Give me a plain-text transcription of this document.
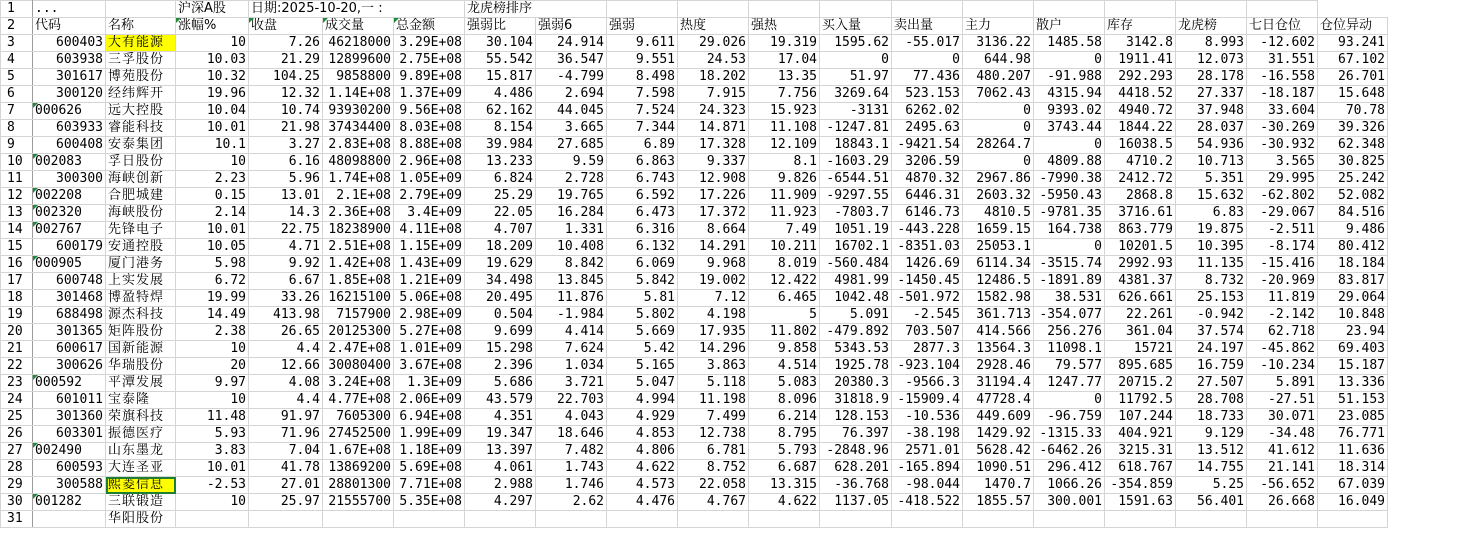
1	...		沪深A股	日期:2025-10-20,一 :			龙虎榜排序												
2	代码	名称	涨幅%	收盘	成交量	总金额	强弱比	强弱6	强弱	热度	强热	买入量	卖出量	主力	散户	库存	龙虎榜	七日仓位	仓位异动
3	600403	大有能源	10	7.26	46218000	3.29E+08	30.104	24.914	9.611	29.026	19.319	1595.62	-55.017	3136.22	1485.58	3142.8	8.993	-12.602	93.241
4	603938	三孚股份	10.03	21.29	12899600	2.75E+08	55.542	36.547	9.551	24.53	17.04	0	0	644.98	0	1911.41	12.073	31.551	67.102
5	301617	博苑股份	10.32	104.25	9858800	9.89E+08	15.817	-4.799	8.498	18.202	13.35	51.97	77.436	480.207	-91.988	292.293	28.178	-16.558	26.701
6	300120	经纬辉开	19.96	12.32	1.14E+08	1.37E+09	4.486	2.694	7.598	7.915	7.756	3269.64	523.153	7062.43	4315.94	4418.52	27.337	-18.187	15.648
7	000626	远大控股	10.04	10.74	93930200	9.56E+08	62.162	44.045	7.524	24.323	15.923	-3131	6262.02	0	9393.02	4940.72	37.948	33.604	70.78
8	603933	睿能科技	10.01	21.98	37434400	8.03E+08	8.154	3.665	7.344	14.871	11.108	-1247.81	2495.63	0	3743.44	1844.22	28.037	-30.269	39.326
9	600408	安泰集团	10.1	3.27	2.83E+08	8.88E+08	39.984	27.685	6.89	17.328	12.109	18843.1	-9421.54	28264.7	0	16038.5	54.936	-30.932	62.348
10	002083	孚日股份	10	6.16	48098800	2.96E+08	13.233	9.59	6.863	9.337	8.1	-1603.29	3206.59	0	4809.88	4710.2	10.713	3.565	30.825
11	300300	海峡创新	2.23	5.96	1.74E+08	1.05E+09	6.824	2.728	6.743	12.908	9.826	-6544.51	4870.32	2967.86	-7990.38	2412.72	5.351	29.995	25.242
12	002208	合肥城建	0.15	13.01	2.1E+08	2.79E+09	25.29	19.765	6.592	17.226	11.909	-9297.55	6446.31	2603.32	-5950.43	2868.8	15.632	-62.802	52.082
13	002320	海峡股份	2.14	14.3	2.36E+08	3.4E+09	22.05	16.284	6.473	17.372	11.923	-7803.7	6146.73	4810.5	-9781.35	3716.61	6.83	-29.067	84.516
14	002767	先锋电子	10.01	22.75	18238900	4.11E+08	4.707	1.331	6.316	8.664	7.49	1051.19	-443.228	1659.15	164.738	863.779	19.875	-2.511	9.486
15	600179	安通控股	10.05	4.71	2.51E+08	1.15E+09	18.209	10.408	6.132	14.291	10.211	16702.1	-8351.03	25053.1	0	10201.5	10.395	-8.174	80.412
16	000905	厦门港务	5.98	9.92	1.42E+08	1.43E+09	19.629	8.842	6.069	9.968	8.019	-560.484	1426.69	6114.34	-3515.74	2992.93	11.135	-15.416	18.184
17	600748	上实发展	6.72	6.67	1.85E+08	1.21E+09	34.498	13.845	5.842	19.002	12.422	4981.99	-1450.45	12486.5	-1891.89	4381.37	8.732	-20.969	83.817
18	301468	博盈特焊	19.99	33.26	16215100	5.06E+08	20.495	11.876	5.81	7.12	6.465	1042.48	-501.972	1582.98	38.531	626.661	25.153	11.819	29.064
19	688498	源杰科技	14.49	413.98	7157900	2.98E+09	0.504	-1.984	5.802	4.198	5	5.091	-2.545	361.713	-354.077	22.261	-0.942	-2.142	10.848
20	301365	矩阵股份	2.38	26.65	20125300	5.27E+08	9.699	4.414	5.669	17.935	11.802	-479.892	703.507	414.566	256.276	361.04	37.574	62.718	23.94
21	600617	国新能源	10	4.4	2.47E+08	1.01E+09	15.298	7.624	5.42	14.296	9.858	5343.53	2877.3	13564.3	11098.1	15721	24.197	-45.862	69.403
22	300626	华瑞股份	20	12.66	30080400	3.67E+08	2.396	1.034	5.165	3.863	4.514	1925.78	-923.104	2928.46	79.577	895.685	16.759	-10.234	15.187
23	000592	平潭发展	9.97	4.08	3.24E+08	1.3E+09	5.686	3.721	5.047	5.118	5.083	20380.3	-9566.3	31194.4	1247.77	20715.2	27.507	5.891	13.336
24	601011	宝泰隆	10	4.4	4.77E+08	2.06E+09	43.579	22.703	4.994	11.198	8.096	31818.9	-15909.4	47728.4	0	11792.5	28.708	-27.51	51.153
25	301360	荣旗科技	11.48	91.97	7605300	6.94E+08	4.351	4.043	4.929	7.499	6.214	128.153	-10.536	449.609	-96.759	107.244	18.733	30.071	23.085
26	603301	振德医疗	5.93	71.96	27452500	1.99E+09	19.347	18.646	4.853	12.738	8.795	76.397	-38.198	1429.92	-1315.33	404.921	9.129	-34.48	76.771
27	002490	山东墨龙	3.83	7.04	1.67E+08	1.18E+09	13.397	7.482	4.806	6.781	5.793	-2848.96	2571.01	5628.42	-6462.26	3215.31	13.512	41.612	11.636
28	600593	大连圣亚	10.01	41.78	13869200	5.69E+08	4.061	1.743	4.622	8.752	6.687	628.201	-165.894	1090.51	296.412	618.767	14.755	21.141	18.314
29	300588	熙菱信息	-2.53	27.01	28801300	7.71E+08	2.988	1.746	4.573	22.058	13.315	-36.768	-98.044	1470.7	1066.26	-354.859	5.25	-56.652	67.039
30	001282	三联锻造	10	25.97	21555700	5.35E+08	4.297	2.62	4.476	4.767	4.622	1137.05	-418.522	1855.57	300.001	1591.63	56.401	26.668	16.049
31		华阳股份																	
